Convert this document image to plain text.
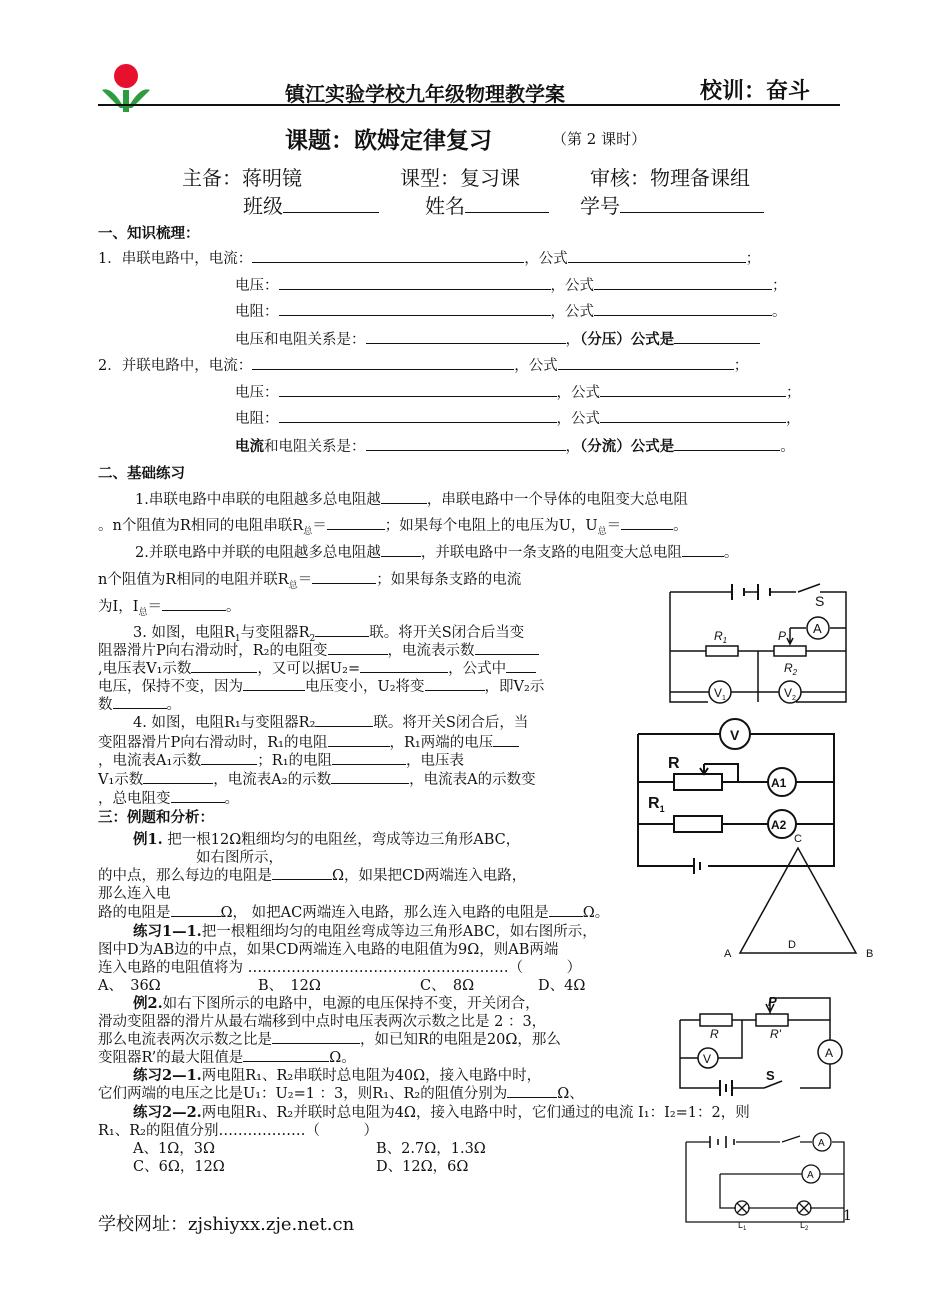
镇江实验学校九年级物理教学案	校训：奋斗
课题：欧姆定律复习	（第 2 课时）
主备：蒋明镜	课型：复习课	审核：物理备课组
班级	姓名	学号
一、知识梳理：
1．串联电路中，电流：	，公式	；
电压：	，公式	；
电阻：	，公式	。
电压和电阻关系是：	，（分压）公式是
2．并联电路中，电流：	，公式	；
电压：	，公式	；
电阻：	，公式	，
电流和电阻关系是：	，（分流）公式是	。
二、基础练习
1.串联电路中串联的电阻越多总电阻越	，串联电路中一个导体的电阻变大总电阻
。n个阻值为R相同的电阻串联$R_总=$	；如果每个电阻上的电压为U，$U_总=$	。
2.并联电路中并联的电阻越多总电阻越	，并联电路中一条支路的电阻变大总电阻	。
n个阻值为R相同的电阻并联$R_总=$	；如果每条支路的电流
为I，$I_总=$	。
3. 如图，电阻$R_1$与变阻器$R_2$	联。将开关S闭合后当变
阻器滑片P向右滑动时，R₂的电阻变	，电流表示数
,电压表V₁示数	，又可以据U₂=	，公式中
电压，保持不变，因为	电压变小，U₂将变	，即V₂示
数	。
4. 如图，电阻R₁与变阻器R₂	联。将开关S闭合后，当
变阻器滑片P向右滑动时，R₁的电阻	，R₁两端的电压
，电流表A₁示数	；R₁的电阻	，电压表
V₁示数	，电流表A₂的示数	，电流表A的示数变
，总电阻变	。
三：例题和分析：
例1. 把一根12Ω粗细均匀的电阻丝，弯成等边三角形ABC，
如右图所示，
的中点，那么每边的电阻是	Ω，如果把CD两端连入电路，
那么连入电
路的电阻是	Ω， 如把AC两端连入电路，那么连入电路的电阻是 Ω。
练习1—1.把一根粗细均匀的电阻丝弯成等边三角形ABC，如右图所示，
图中D为AB边的中点，如果CD两端连入电路的电阻值为9Ω，则AB两端
连入电路的电阻值将为 ………………………………………………（　　　）
A、　36Ω	B、　12Ω	C、　8Ω	D、4Ω
例2.如右下图所示的电路中，电源的电压保持不变，开关闭合，
滑动变阻器的滑片从最右端移到中点时电压表两次示数之比是 2 ：3，
那么电流表两次示数之比是	，如已知R的电阻是20Ω，那么
变阻器R’的最大阻值是	Ω。
练习2—1.两电阻R₁、R₂串联时总电阻为40Ω，接入电路中时，
它们两端的电压之比是U₁：U₂=1 ：3，则R₁、R₂的阻值分别为	Ω、
练习2—2.两电阻R₁、R₂并联时总电阻为4Ω，接入电路中时，它们通过的电流 I₁：I₂=1：2，则
R₁、R₂的阻值分别………………（　　　）
A、1Ω，3Ω	B、2.7Ω，1.3Ω
C、6Ω，12Ω	D、12Ω，6Ω
学校网址：zjshiyxx.zje.net.cn	1
S
$R_1$	P
$R_2$
A
$V_1$	$V_2$
V
R
A1
$R_1$
A2
C
A	B
D
P
R	R'
V	A
S
A
A
$L_1$	$L_2$
